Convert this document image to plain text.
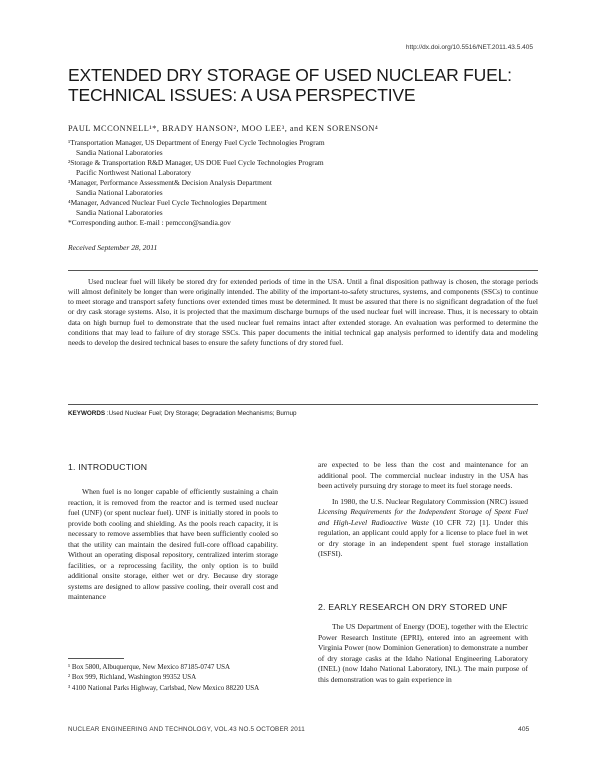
http://dx.doi.org/10.5516/NET.2011.43.5.405
EXTENDED DRY STORAGE OF USED NUCLEAR FUEL:
TECHNICAL ISSUES: A USA PERSPECTIVE
PAUL MCCONNELL¹*, BRADY HANSON², MOO LEE³, and KEN SORENSON⁴
¹Transportation Manager, US Department of Energy Fuel Cycle Technologies Program
Sandia National Laboratories
²Storage & Transportation R&D Manager, US DOE Fuel Cycle Technologies Program
Pacific Northwest National Laboratory
³Manager, Performance Assessment& Decision Analysis Department
Sandia National Laboratories
⁴Manager, Advanced Nuclear Fuel Cycle Technologies Department
Sandia National Laboratories
*Corresponding author. E-mail : pemccon@sandia.gov
Received September 28, 2011
Used nuclear fuel will likely be stored dry for extended periods of time in the USA. Until a final disposition pathway is chosen, the storage periods will almost definitely be longer than were originally intended. The ability of the important-to-safety structures, systems, and components (SSCs) to continue to meet storage and transport safety functions over extended times must be determined. It must be assured that there is no significant degradation of the fuel or dry cask storage systems. Also, it is projected that the maximum discharge burnups of the used nuclear fuel will increase. Thus, it is necessary to obtain data on high burnup fuel to demonstrate that the used nuclear fuel remains intact after extended storage. An evaluation was performed to determine the conditions that may lead to failure of dry storage SSCs. This paper documents the initial technical gap analysis performed to identify data and modeling needs to develop the desired technical bases to ensure the safety functions of dry stored fuel.
KEYWORDS :Used Nuclear Fuel; Dry Storage; Degradation Mechanisms; Burnup
1. INTRODUCTION

When fuel is no longer capable of efficiently sustaining a chain reaction, it is removed from the reactor and is termed used nuclear fuel (UNF) (or spent nuclear fuel). UNF is initially stored in pools to provide both cooling and shielding. As the pools reach capacity, it is necessary to remove assemblies that have been sufficiently cooled so that the utility can maintain the desired full-core offload capability. Without an operating disposal repository, centralized interim storage facilities, or a reprocessing facility, the only option is to build additional onsite storage, either wet or dry. Because dry storage systems are designed to allow passive cooling, their overall cost and maintenance

¹ Box 5800, Albuquerque, New Mexico 87185-0747 USA
² Box 999, Richland, Washington 99352 USA
³ 4100 National Parks Highway, Carlsbad, New Mexico 88220 USA

are expected to be less than the cost and maintenance for an additional pool. The commercial nuclear industry in the USA has been actively pursuing dry storage to meet its fuel storage needs.

In 1980, the U.S. Nuclear Regulatory Commission (NRC) issued Licensing Requirements for the Independent Storage of Spent Fuel and High-Level Radioactive Waste (10 CFR 72) [1]. Under this regulation, an applicant could apply for a license to place fuel in wet or dry storage in an independent spent fuel storage installation (ISFSI).

2. EARLY RESEARCH ON DRY STORED UNF

The US Department of Energy (DOE), together with the Electric Power Research Institute (EPRI), entered into an agreement with Virginia Power (now Dominion Generation) to demonstrate a number of dry storage casks at the Idaho National Engineering Laboratory (INEL) (now Idaho National Laboratory, INL). The main purpose of this demonstration was to gain experience in

NUCLEAR ENGINEERING AND TECHNOLOGY, VOL.43 NO.5 OCTOBER 2011	405
